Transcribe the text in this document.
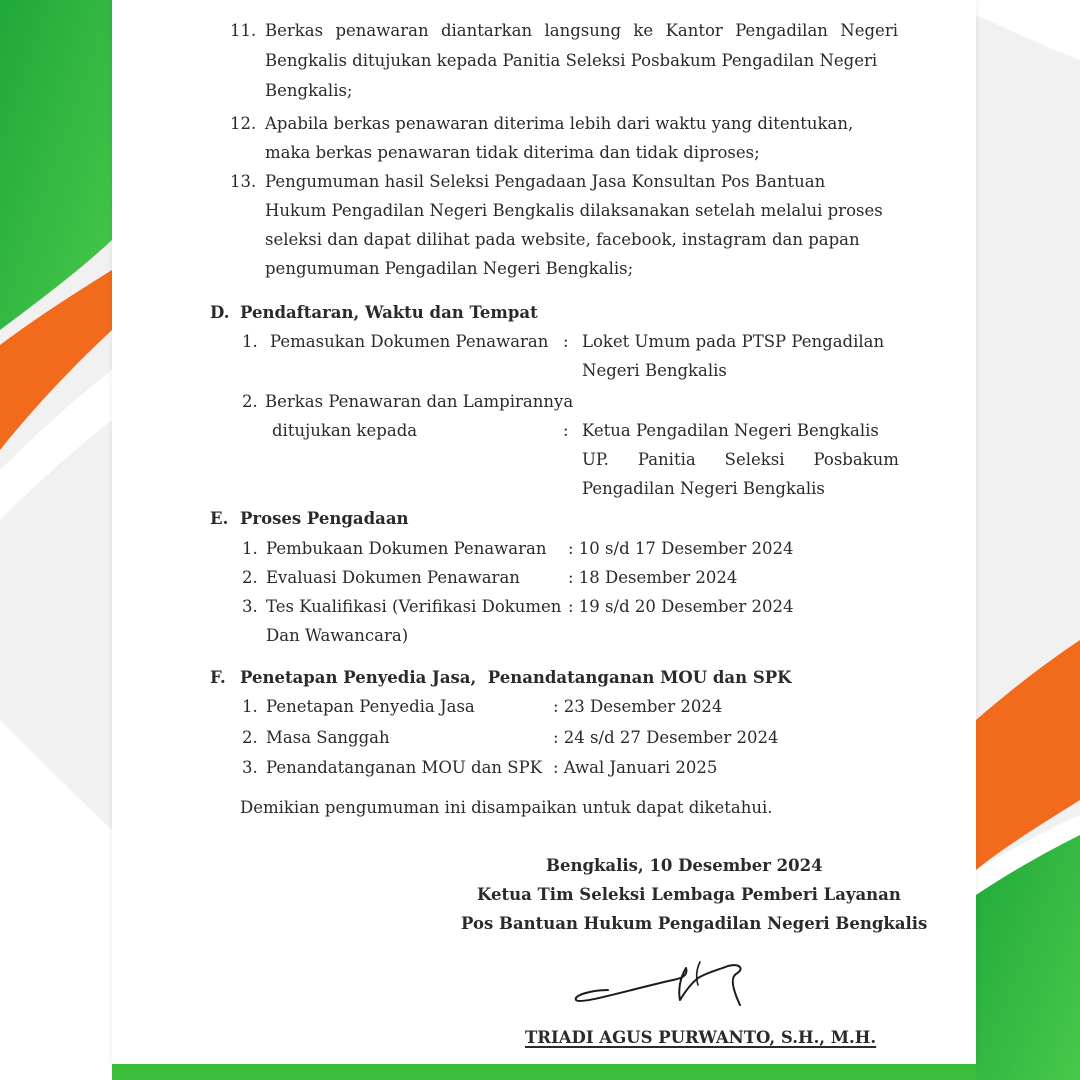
11. Berkas penawaran diantarkan langsung ke Kantor Pengadilan Negeri
Bengkalis ditujukan kepada Panitia Seleksi Posbakum Pengadilan Negeri
Bengkalis;
12. Apabila berkas penawaran diterima lebih dari waktu yang ditentukan,
maka berkas penawaran tidak diterima dan tidak diproses;
13. Pengumuman hasil Seleksi Pengadaan Jasa Konsultan Pos Bantuan
Hukum Pengadilan Negeri Bengkalis dilaksanakan setelah melalui proses
seleksi dan dapat dilihat pada website, facebook, instagram dan papan
pengumuman Pengadilan Negeri Bengkalis;
D. Pendaftaran, Waktu dan Tempat
1. Pemasukan Dokumen Penawaran : Loket Umum pada PTSP Pengadilan
Negeri Bengkalis
2. Berkas Penawaran dan Lampirannya
ditujukan kepada	: Ketua Pengadilan Negeri Bengkalis
UP. Panitia Seleksi Posbakum
Pengadilan Negeri Bengkalis
E. Proses Pengadaan
1. Pembukaan Dokumen Penawaran : 10 s/d 17 Desember 2024
2. Evaluasi Dokumen Penawaran	: 18 Desember 2024
3. Tes Kualifikasi (Verifikasi Dokumen : 19 s/d 20 Desember 2024
Dan Wawancara)
F. Penetapan Penyedia Jasa,  Penandatanganan MOU dan SPK
1. Penetapan Penyedia Jasa	: 23 Desember 2024
2. Masa Sanggah	: 24 s/d 27 Desember 2024
3. Penandatanganan MOU dan SPK : Awal Januari 2025
Demikian pengumuman ini disampaikan untuk dapat diketahui.
Bengkalis, 10 Desember 2024
Ketua Tim Seleksi Lembaga Pemberi Layanan
Pos Bantuan Hukum Pengadilan Negeri Bengkalis
TRIADI AGUS PURWANTO, S.H., M.H.
